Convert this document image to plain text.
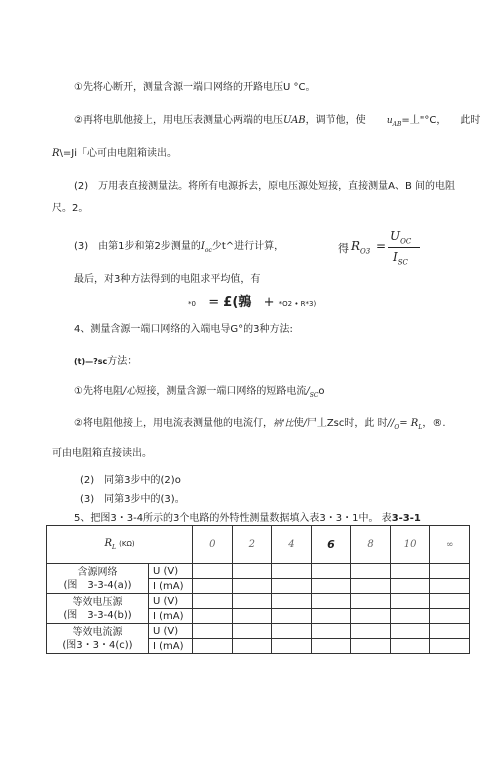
①先将心断开，测量含源一端口网络的开路电压U °C。
②再将电肌他接上，用电压表测量心两端的电压UAB，调节他，使 $u_{AB}=$丄"°C， 此时
R\=Ji「心可由电阻箱读出。
(2)　万用表直接测量法。将所有电源拆去，原电压源处短接，直接测量A、B 间的电阻
尺。2。
(3)　由第1步和第2步测量的$I_{oc}$少t^进行计算，	得 $R_{O3}$ =
$U_{OC}$
$I_{SC}$
最后，对3种方法得到的电阻求平均值，有
*0 = £(鶉 + *O2 • R*3)
4、测量含源一端口网络的入端电导G°的3种方法:
(t)—?sc方法：
①先将电阻/心短接，测量含源一端口网络的短路电流$/_{SC}o$
②将电阻他接上，用电流表测量他的电流仃，衲'比使/尸丄Zsc时，此 时$//_O= R_L$，®.
可由电阻箱直接读出。
(2)　同第3步中的(2)o
(3)　同第3步中的(3)。
5、把图3・3-4所示的3个电路的外特性测量数据填入表3・3・1中。 表3-3-1
$R_L$ (KΩ)		0	2	4	6	8	10	∞

含源网络
(图　3-3-4(a))	U (V)							
	I (mA)							

等效电压源
(图　3-3-4(b))	U (V)							
	I (mA)							

等效电流源
(图3・3・4(c))	U (V)							
	I (mA)							
